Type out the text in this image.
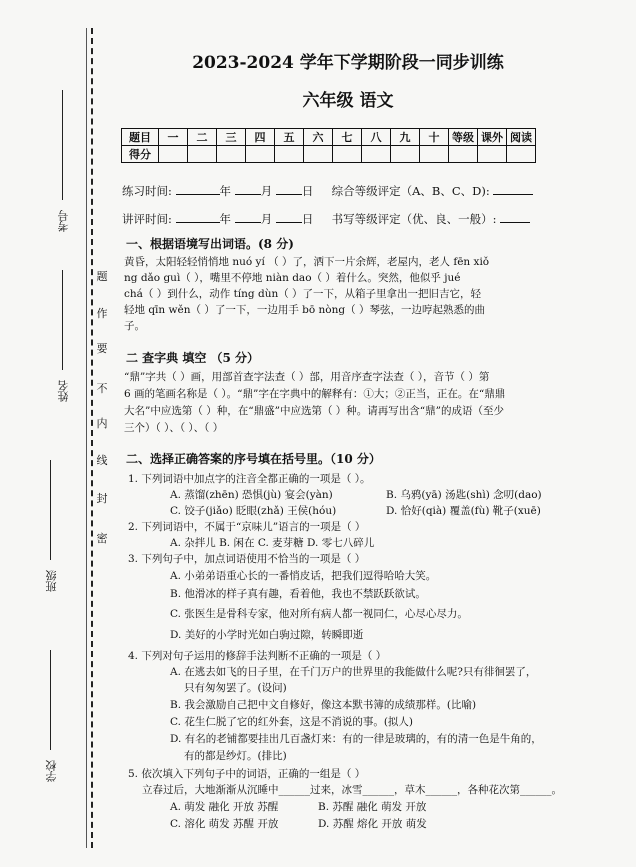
题
作
要
不
内
线
封
密
考号
姓名
班级
学校
2023-2024 学年下学期阶段一同步训练
六年级 语文
题目	一	二	三	四	五	六	七	八	九	十	等级	课外	阅读
得分													
练习时间:	年	月	日 综合等级评定（A、B、C、D):
讲评时间:	年	月	日 书写等级评定（优、良、一般）:
一、根据语境写出词语。(8 分)
黄昏，太阳轻轻悄悄地 nuó yí （ ）了，洒下一片余辉，老屋内，老人 fēn xiǒ
ng dǎo guì（ ），嘴里不停地 niàn dao（ ）着什么。突然，他似乎 jué
chá（ ）到什么，动作 tíng dùn（ ）了一下，从箱子里拿出一把旧吉它，轻
轻地 qīn wěn（ ）了一下，一边用手 bō nòng（ ）琴弦，一边哼起熟悉的曲
子。
二 查字典 填空 （5 分）
“鼎”字共（ ）画，用部首查字法查（ ）部，用音序查字法查（ ），音节（ ）第
6 画的笔画名称是（ ）。“鼎”字在字典中的解释有：①大；②正当，正在。在“鼎鼎
大名”中应选第（ ）种，在“鼎盛”中应选第（ ）种。请再写出含“鼎”的成语（至少
三个）（ ）、（ ）、（ ）
二、选择正确答案的序号填在括号里。（10 分）
1. 下列词语中加点字的注音全都正确的一项是（ ）。
A. 蒸馏(zhēn) 恐惧(jù) 宴会(yàn)	B. 乌鸦(yā) 汤匙(shì) 念叨(dao)
C. 饺子(jiǎo) 眨眼(zhǎ) 王侯(hóu)	D. 恰好(qià) 覆盖(fù) 靴子(xuē)
2. 下列词语中，不属于“京味儿”语言的一项是（ ）
A. 杂拌儿 B. 闲在 C. 麦芽糖 D. 零七八碎儿
3. 下列句子中，加点词语使用不恰当的一项是（ ）
A. 小弟弟语重心长的一番悄皮话，把我们逗得哈哈大笑。
B. 他滑冰的样子真有趣，看着他，我也不禁跃跃欲试。
C. 张医生是骨科专家，他对所有病人都一视同仁，心尽心尽力。
D. 美好的小学时光如白驹过隙，转瞬即逝
4. 下列对句子运用的修辞手法判断不正确的一项是（ ）
A. 在逃去如飞的日子里，在千门万户的世界里的我能做什么呢?只有徘徊罢了，
只有匆匆罢了。(设问)
B. 我会激励自己把中文自修好，像这本默书簿的成绩那样。(比喻)
C. 花生仁脱了它的红外套，这是不消说的事。(拟人)
D. 有名的老铺都要挂出几百盏灯来：有的一律是玻璃的，有的清一色是牛角的，
有的都是纱灯。(排比)
5. 依次填入下列句子中的词语，正确的一组是（ ）
立春过后，大地渐渐从沉睡中______过来，冰雪______，草木______，各种花次第______。
A. 萌发 融化 开放 苏醒	B. 苏醒 融化 萌发 开放
C. 溶化 萌发 苏醒 开放	D. 苏醒 熔化 开放 萌发
